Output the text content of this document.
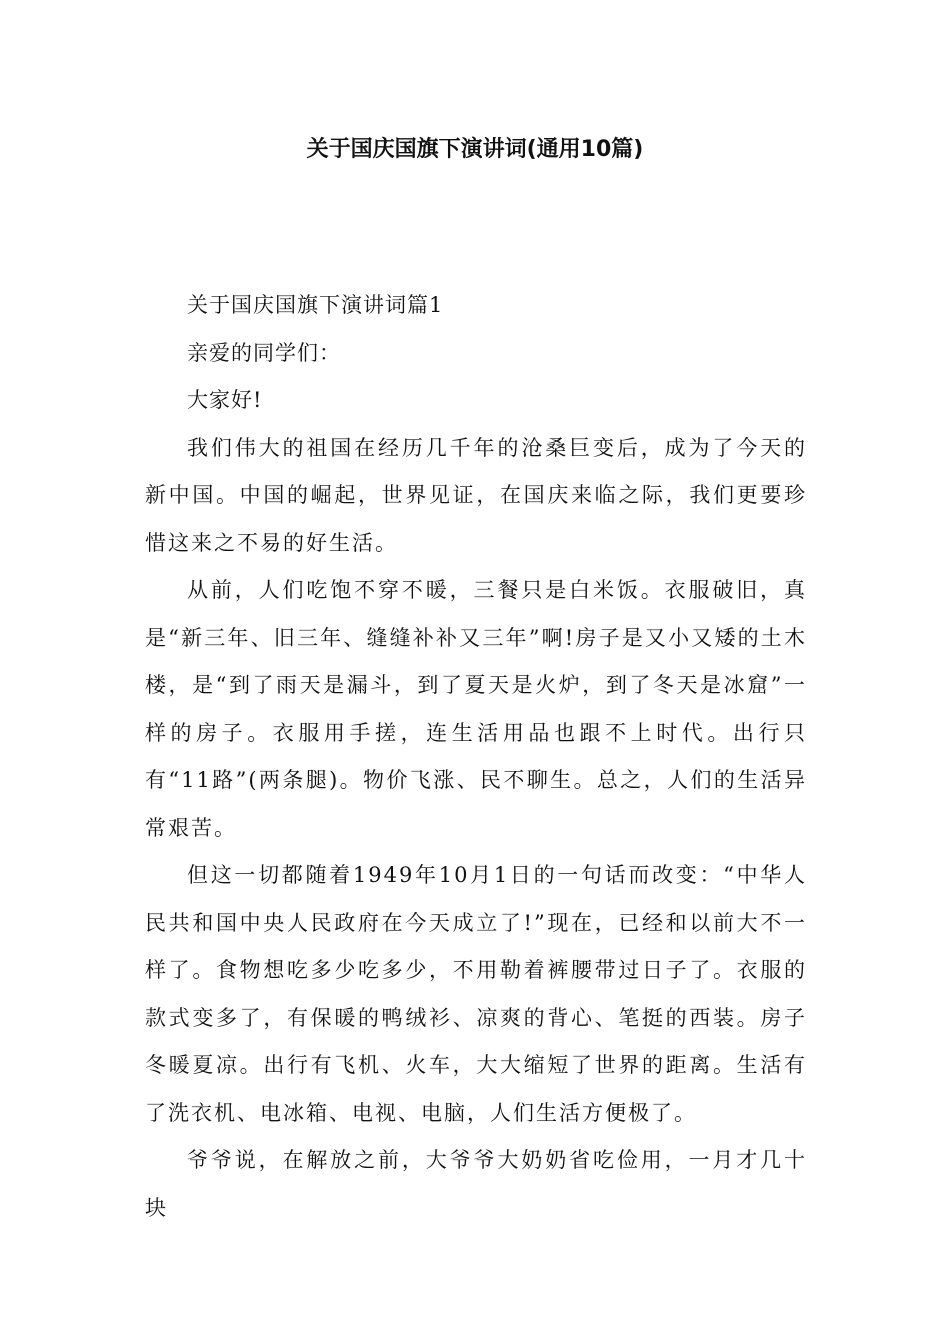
关于国庆国旗下演讲词(通用10篇)

关于国庆国旗下演讲词篇1

亲爱的同学们：

大家好!

我们伟大的祖国在经历几千年的沧桑巨变后，成为了今天的新中国。中国的崛起，世界见证，在国庆来临之际，我们更要珍惜这来之不易的好生活。

从前，人们吃饱不穿不暖，三餐只是白米饭。衣服破旧，真是“新三年、旧三年、缝缝补补又三年”啊!房子是又小又矮的土木楼，是“到了雨天是漏斗，到了夏天是火炉，到了冬天是冰窟”一样的房子。衣服用手搓，连生活用品也跟不上时代。出行只有“11路”(两条腿)。物价飞涨、民不聊生。总之，人们的生活异常艰苦。

但这一切都随着1949年10月1日的一句话而改变：“中华人民共和国中央人民政府在今天成立了!”现在，已经和以前大不一样了。食物想吃多少吃多少，不用勒着裤腰带过日子了。衣服的款式变多了，有保暖的鸭绒衫、凉爽的背心、笔挺的西装。房子冬暖夏凉。出行有飞机、火车，大大缩短了世界的距离。生活有了洗衣机、电冰箱、电视、电脑，人们生活方便极了。

爷爷说，在解放之前，大爷爷大奶奶省吃俭用，一月才几十块
